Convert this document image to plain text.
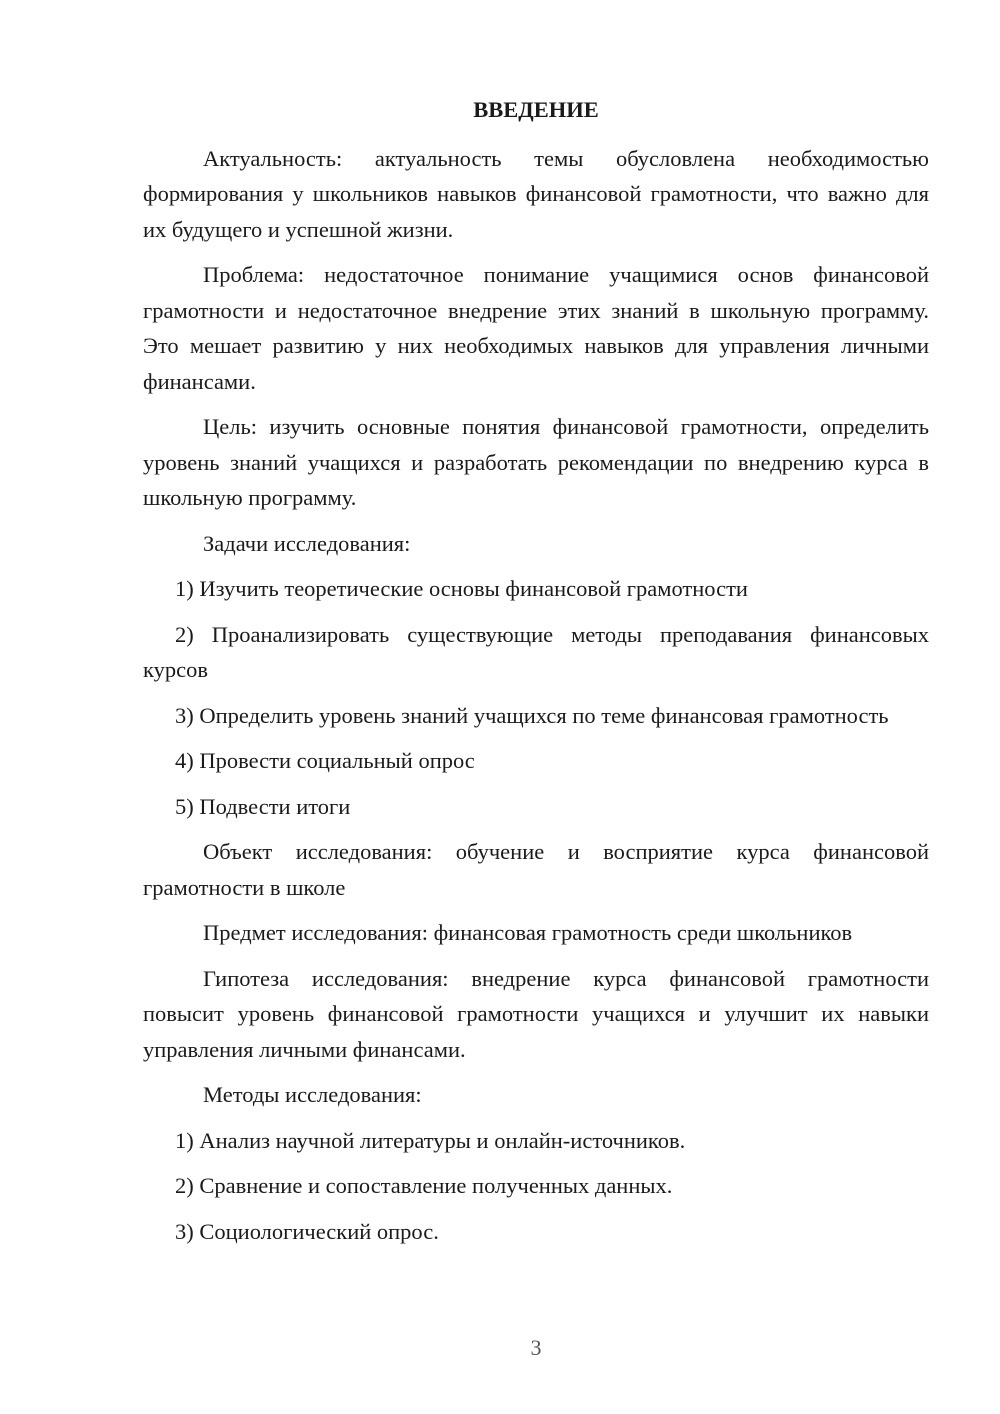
ВВЕДЕНИЕ

Актуальность: актуальность темы обусловлена необходимостью формирования у школьников навыков финансовой грамотности, что важно для их будущего и успешной жизни.

Проблема: недостаточное понимание учащимися основ финансовой грамотности и недостаточное внедрение этих знаний в школьную программу. Это мешает развитию у них необходимых навыков для управления личными финансами.

Цель: изучить основные понятия финансовой грамотности, определить уровень знаний учащихся и разработать рекомендации по внедрению курса в школьную программу.

Задачи исследования:

1) Изучить теоретические основы финансовой грамотности

2) Проанализировать существующие методы преподавания финансовых курсов

3) Определить уровень знаний учащихся по теме финансовая грамотность

4) Провести социальный опрос

5) Подвести итоги

Объект исследования: обучение и восприятие курса финансовой грамотности в школе

Предмет исследования: финансовая грамотность среди школьников

Гипотеза исследования: внедрение курса финансовой грамотности повысит уровень финансовой грамотности учащихся и улучшит их навыки управления личными финансами.

Методы исследования:

1) Анализ научной литературы и онлайн-источников.

2) Сравнение и сопоставление полученных данных.

3) Социологический опрос.

3
